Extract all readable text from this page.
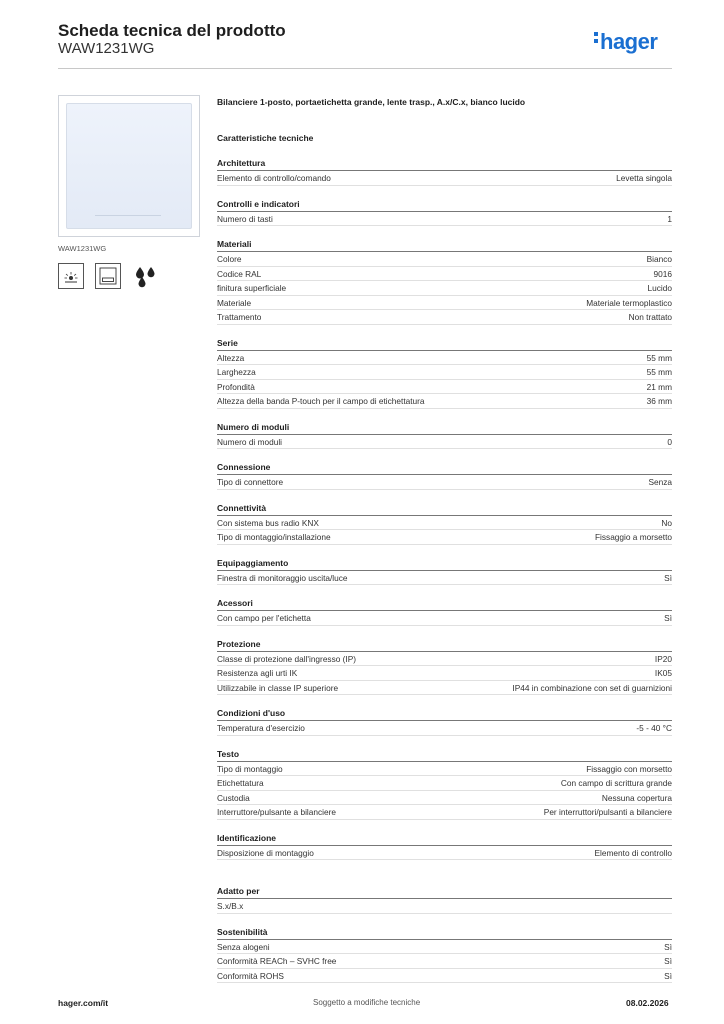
Scheda tecnica del prodotto
WAW1231WG	hager
WAW1231WG
Bilanciere 1-posto, portaetichetta grande, lente trasp., A.x/C.x, bianco lucido
Caratteristiche tecniche
Architettura
Elemento di controllo/comando	Levetta singola
Controlli e indicatori
Numero di tasti	1
Materiali
Colore	Bianco
Codice RAL	9016
finitura superficiale	Lucido
Materiale	Materiale termoplastico
Trattamento	Non trattato
Serie
Altezza	55 mm
Larghezza	55 mm
Profondità	21 mm
Altezza della banda P-touch per il campo di etichettatura	36 mm
Numero di moduli
Numero di moduli	0
Connessione
Tipo di connettore	Senza
Connettività
Con sistema bus radio KNX	No
Tipo di montaggio/installazione	Fissaggio a morsetto
Equipaggiamento
Finestra di monitoraggio uscita/luce	Sì
Acessori
Con campo per l'etichetta	Sì
Protezione
Classe di protezione dall'ingresso (IP)	IP20
Resistenza agli urti IK	IK05
Utilizzabile in classe IP superiore	IP44 in combinazione con set di guarnizioni
Condizioni d'uso
Temperatura d'esercizio	-5 - 40 °C
Testo
Tipo di montaggio	Fissaggio con morsetto
Etichettatura	Con campo di scrittura grande
Custodia	Nessuna copertura
Interruttore/pulsante a bilanciere	Per interruttori/pulsanti a bilanciere
Identificazione
Disposizione di montaggio	Elemento di controllo
Adatto per
S.x/B.x
Sostenibilità
Senza alogeni	Sì
Conformità REACh – SVHC free	Sì
Conformità ROHS	Sì
hager.com/it	Soggetto a modifiche tecniche	08.02.2026
